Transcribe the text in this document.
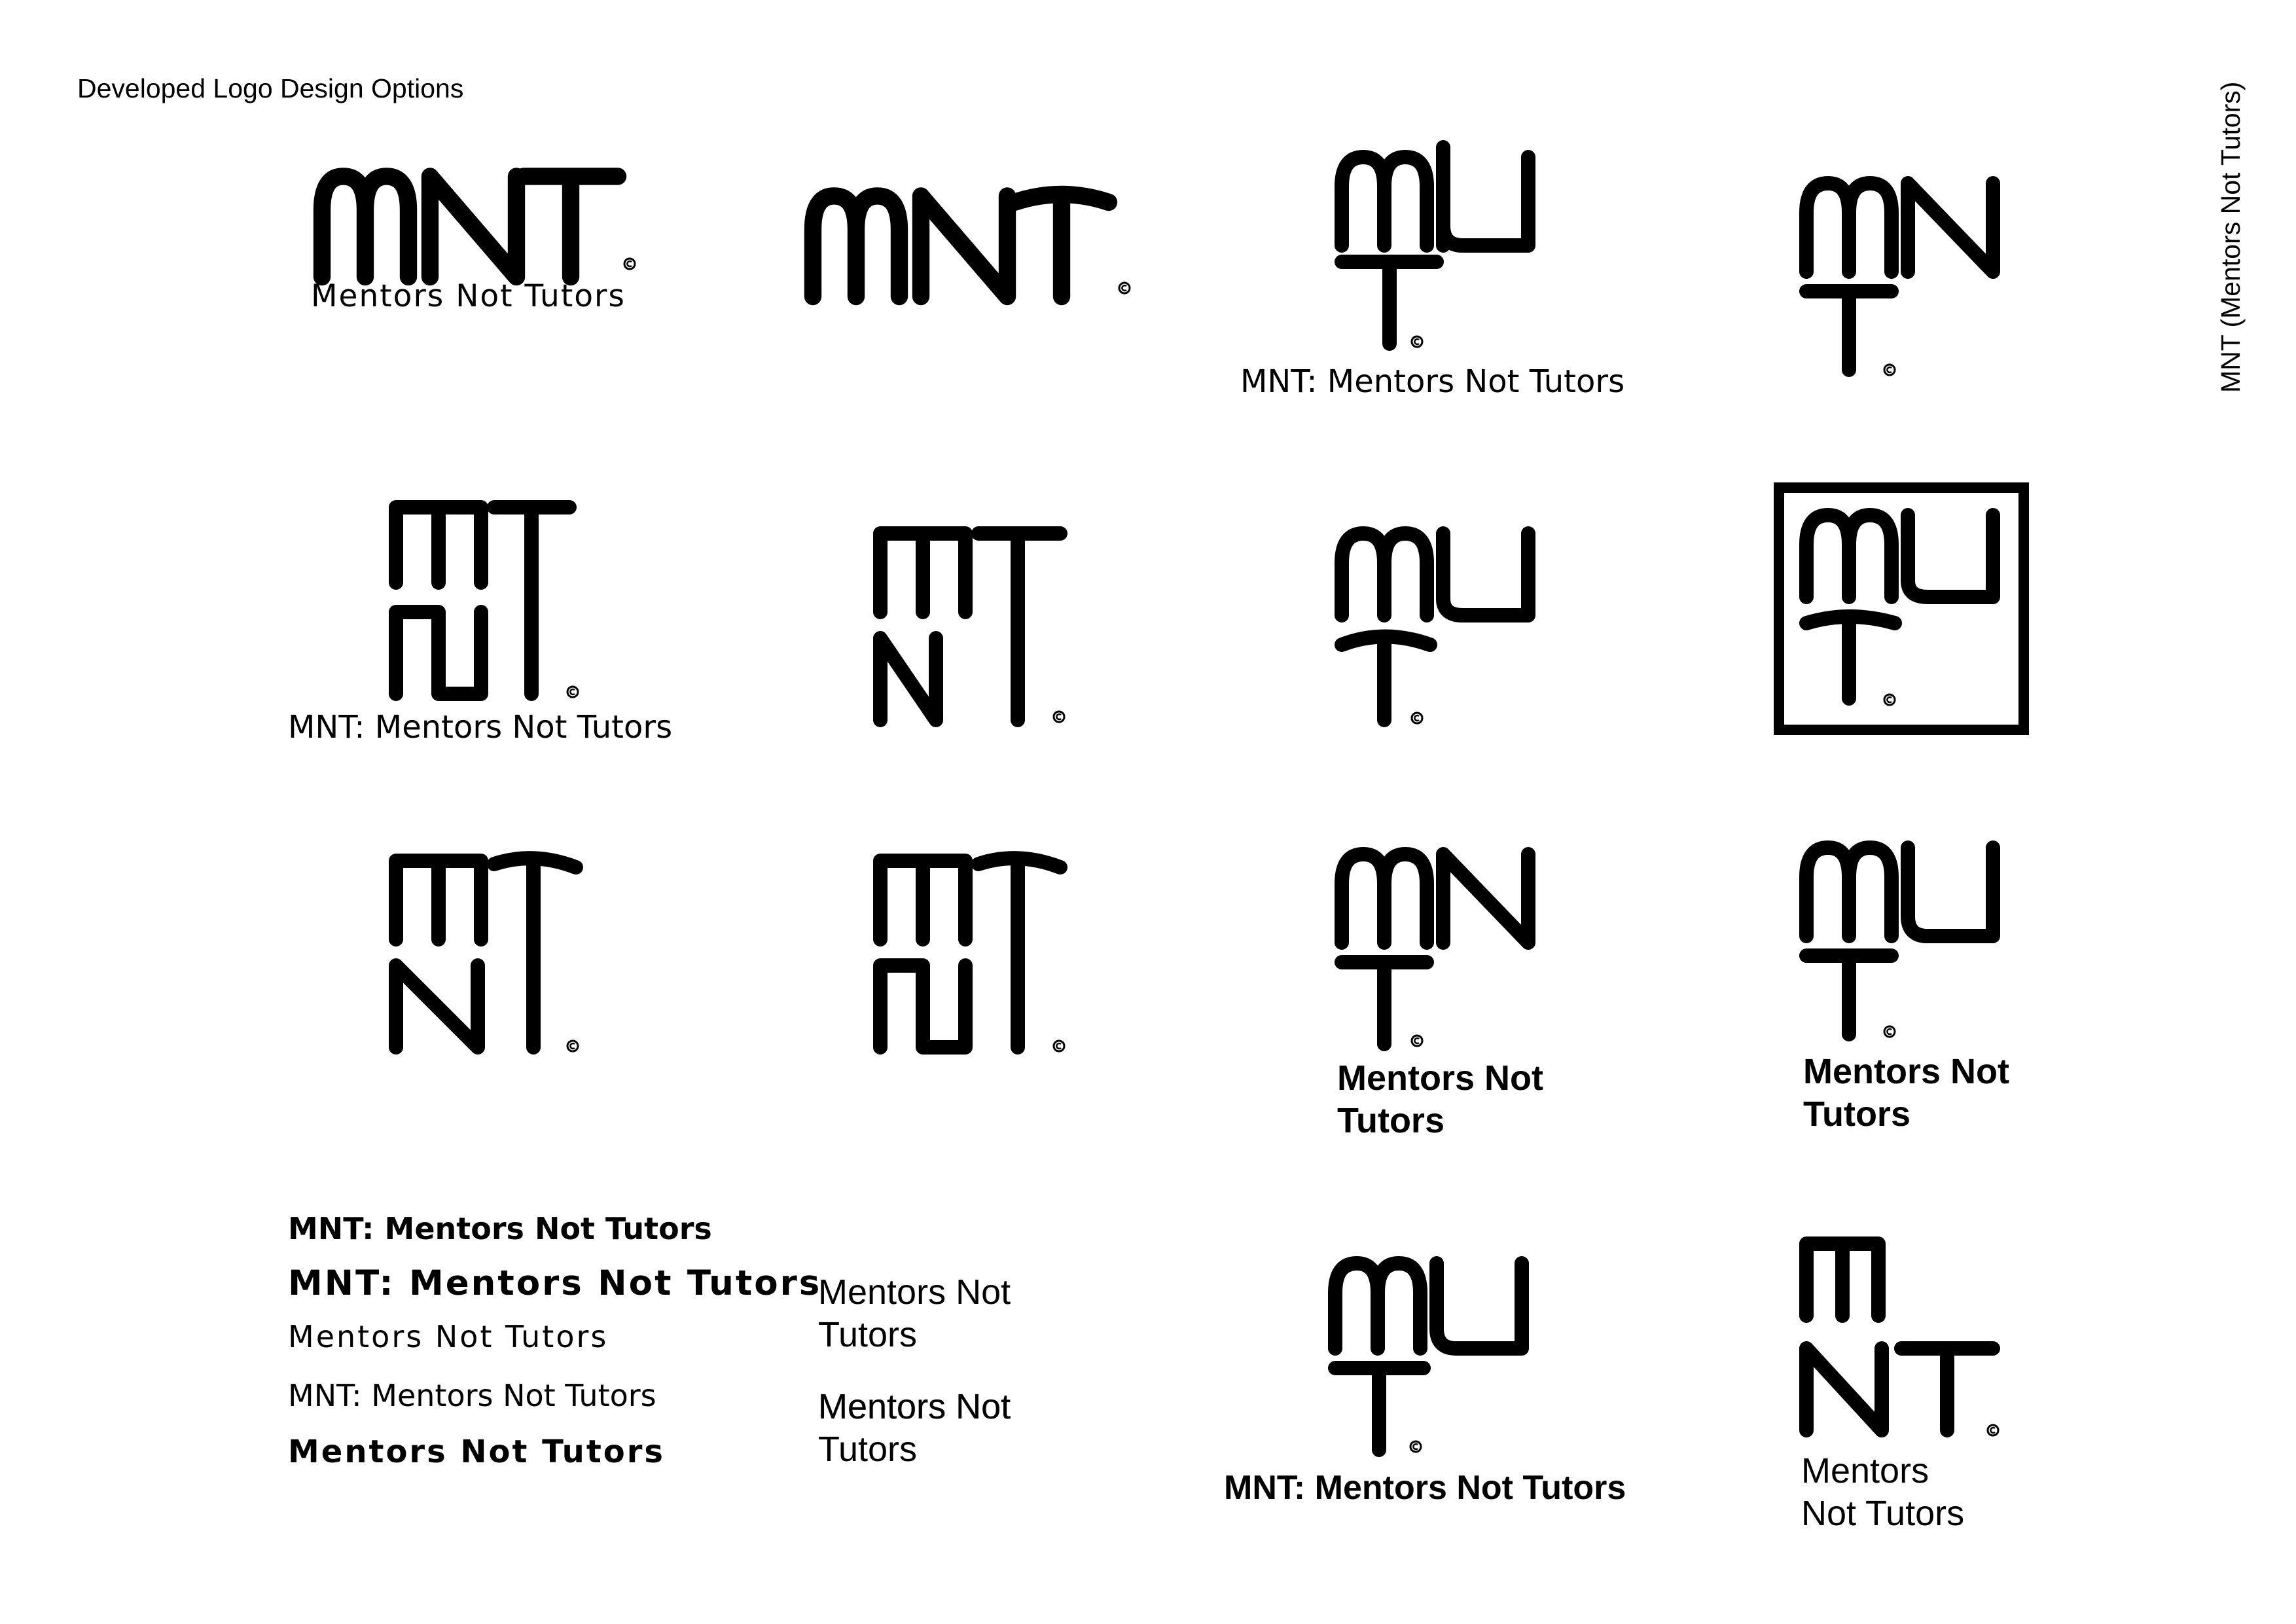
Developed Logo Design Options	MNT (Mentors Not Tutors)
Mentors Not Tutors
MNT: Mentors Not Tutors
MNT: Mentors Not Tutors
Mentors Not
Tutors
Mentors Not
Tutors
MNT: Mentors Not Tutors
MNT: Mentors Not Tutors
Mentors Not Tutors
MNT: Mentors Not Tutors
Mentors Not Tutors
Mentors Not
Tutors
Mentors Not
Tutors
MNT: Mentors Not Tutors	Mentors
Not Tutors
